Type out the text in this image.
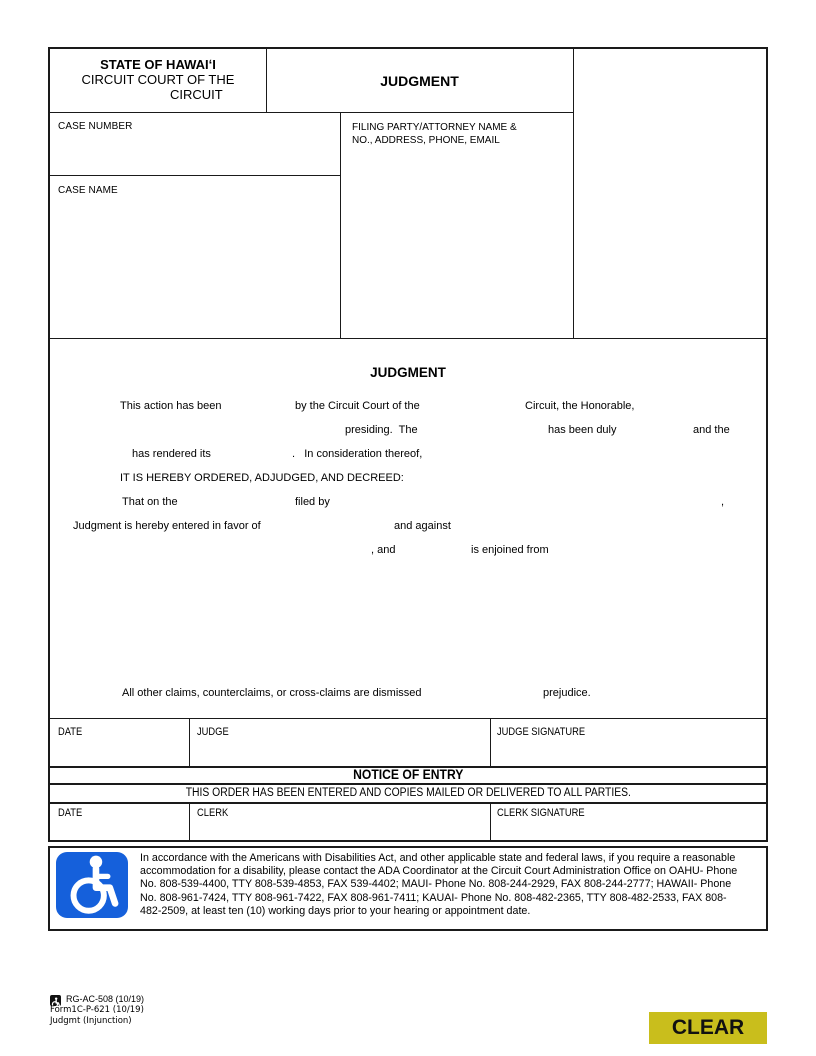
STATE OF HAWAIʻI
CIRCUIT COURT OF THE
CIRCUIT
JUDGMENT
CASE NUMBER
CASE NAME
FILING PARTY/ATTORNEY NAME & NO., ADDRESS, PHONE, EMAIL
JUDGMENT
This action has been	by the Circuit Court of the	Circuit, the Honorable,
presiding.  The	has been duly	and the
has rendered its	.   In consideration thereof,
IT IS HEREBY ORDERED, ADJUDGED, AND DECREED:
That on the	filed by	,
Judgment is hereby entered in favor of	and against
, and	is enjoined from
All other claims, counterclaims, or cross-claims are dismissed	prejudice.
DATE	JUDGE	JUDGE SIGNATURE
NOTICE OF ENTRY
THIS ORDER HAS BEEN ENTERED AND COPIES MAILED OR DELIVERED TO ALL PARTIES.
DATE	CLERK	CLERK SIGNATURE
In accordance with the Americans with Disabilities Act, and other applicable state and federal laws, if you require a reasonable accommodation for a disability, please contact the ADA Coordinator at the Circuit Court Administration Office on OAHU- Phone No. 808-539-4400, TTY 808-539-4853, FAX 539-4402; MAUI- Phone No. 808-244-2929, FAX 808-244-2777; HAWAII- Phone No. 808-961-7424, TTY 808-961-7422, FAX 808-961-7411; KAUAI- Phone No. 808-482-2365, TTY 808-482-2533, FAX 808-482-2509, at least ten (10) working days prior to your hearing or appointment date.
RG-AC-508 (10/19)
Form1C-P-621 (10/19)
Judgmt (Injunction)	CLEAR
